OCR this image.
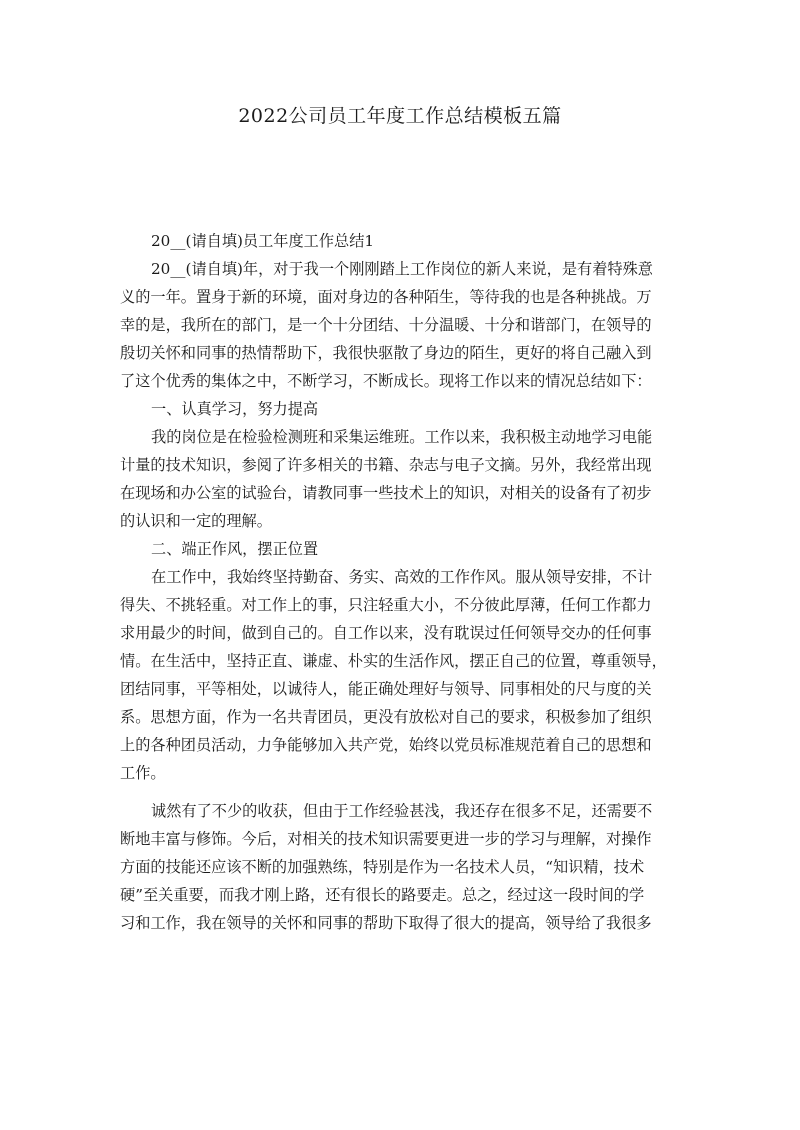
2022公司员工年度工作总结模板五篇
20__(请自填)员工年度工作总结1
20__(请自填)年，对于我一个刚刚踏上工作岗位的新人来说，是有着特殊意
义的一年。置身于新的环境，面对身边的各种陌生，等待我的也是各种挑战。万
幸的是，我所在的部门，是一个十分团结、十分温暖、十分和谐部门，在领导的
殷切关怀和同事的热情帮助下，我很快驱散了身边的陌生，更好的将自己融入到
了这个优秀的集体之中，不断学习，不断成长。现将工作以来的情况总结如下：
一、认真学习，努力提高
我的岗位是在检验检测班和采集运维班。工作以来，我积极主动地学习电能
计量的技术知识，参阅了许多相关的书籍、杂志与电子文摘。另外，我经常出现
在现场和办公室的试验台，请教同事一些技术上的知识，对相关的设备有了初步
的认识和一定的理解。
二、端正作风，摆正位置
在工作中，我始终坚持勤奋、务实、高效的工作作风。服从领导安排，不计
得失、不挑轻重。对工作上的事，只注轻重大小，不分彼此厚薄，任何工作都力
求用最少的时间，做到自己的。自工作以来，没有耽误过任何领导交办的任何事
情。在生活中，坚持正直、谦虚、朴实的生活作风，摆正自己的位置，尊重领导，
团结同事，平等相处，以诚待人，能正确处理好与领导、同事相处的尺与度的关
系。思想方面，作为一名共青团员，更没有放松对自己的要求，积极参加了组织
上的各种团员活动，力争能够加入共产党，始终以党员标准规范着自己的思想和
工作。
诚然有了不少的收获，但由于工作经验甚浅，我还存在很多不足，还需要不
断地丰富与修饰。今后，对相关的技术知识需要更进一步的学习与理解，对操作
方面的技能还应该不断的加强熟练，特别是作为一名技术人员，“知识精，技术
硬”至关重要，而我才刚上路，还有很长的路要走。总之，经过这一段时间的学
习和工作，我在领导的关怀和同事的帮助下取得了很大的提高，领导给了我很多
